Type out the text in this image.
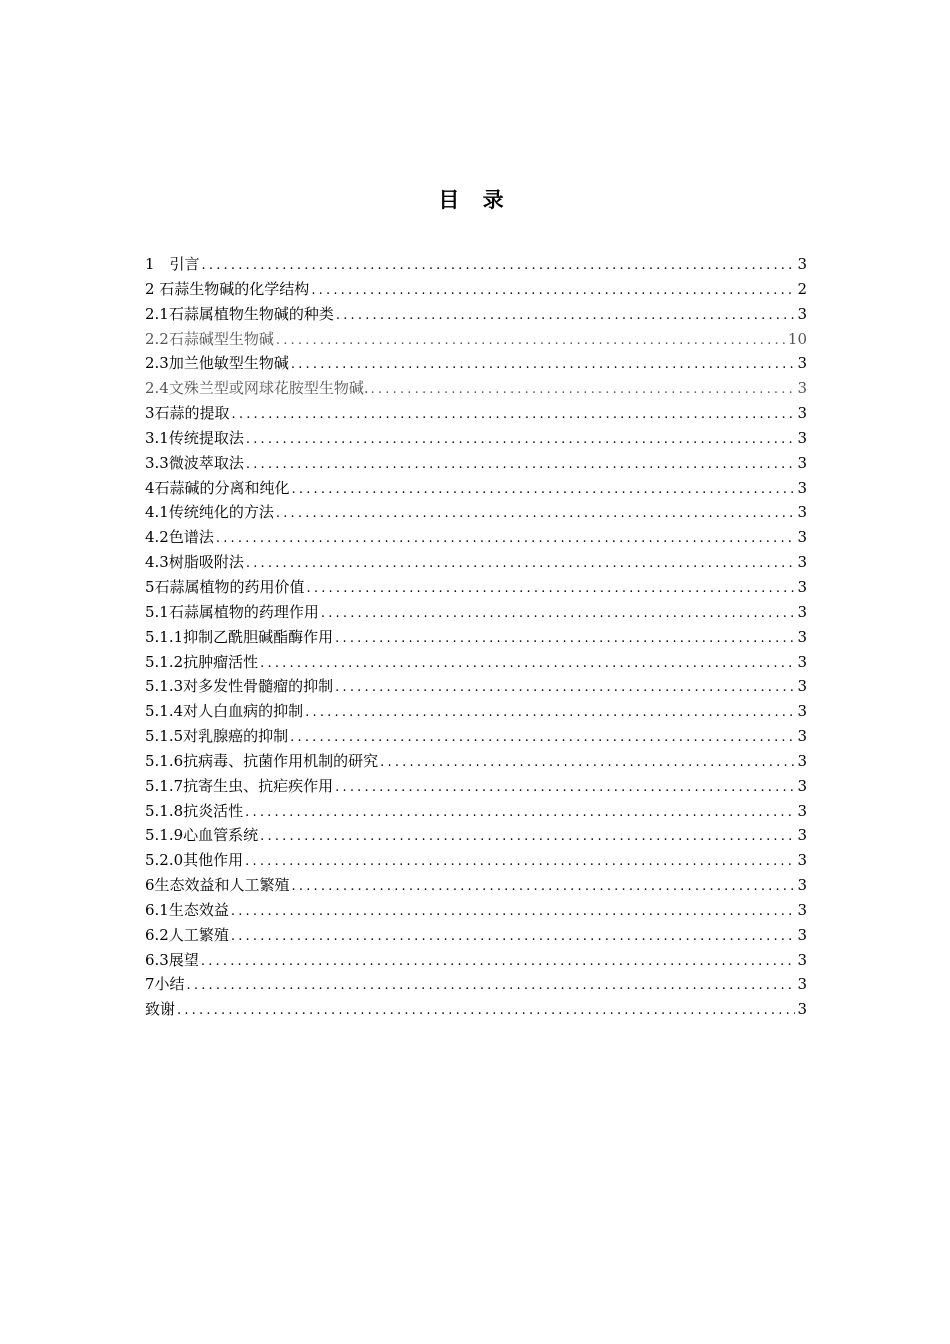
目 录
1　引言 .....	3
2 石蒜生物碱的化学结构 .....	2
2.1石蒜属植物生物碱的种类 .....	3
2.2石蒜碱型生物碱 .....	10
2.3加兰他敏型生物碱 .....	3
2.4文殊兰型或网球花胺型生物碱. .....	3
3石蒜的提取 .....	3
3.1传统提取法 .....	3
3.3微波萃取法 .....	3
4石蒜碱的分离和纯化 .....	3
4.1传统纯化的方法 .....	3
4.2色谱法 .....	3
4.3树脂吸附法 .....	3
5石蒜属植物的药用价值 .....	3
5.1石蒜属植物的药理作用 .....	3
5.1.1抑制乙酰胆碱酯酶作用 .....	3
5.1.2抗肿瘤活性 .....	3
5.1.3对多发性骨髓瘤的抑制 .....	3
5.1.4对人白血病的抑制 .....	3
5.1.5对乳腺癌的抑制 .....	3
5.1.6抗病毒、抗菌作用机制的研究 .....	3
5.1.7抗寄生虫、抗疟疾作用 .....	3
5.1.8抗炎活性 .....	3
5.1.9心血管系统 .....	3
5.2.0其他作用 .....	3
6生态效益和人工繁殖 .....	3
6.1生态效益 .....	3
6.2人工繁殖 .....	3
6.3展望 .....	3
7小结 .....	3
致谢 .....	3
